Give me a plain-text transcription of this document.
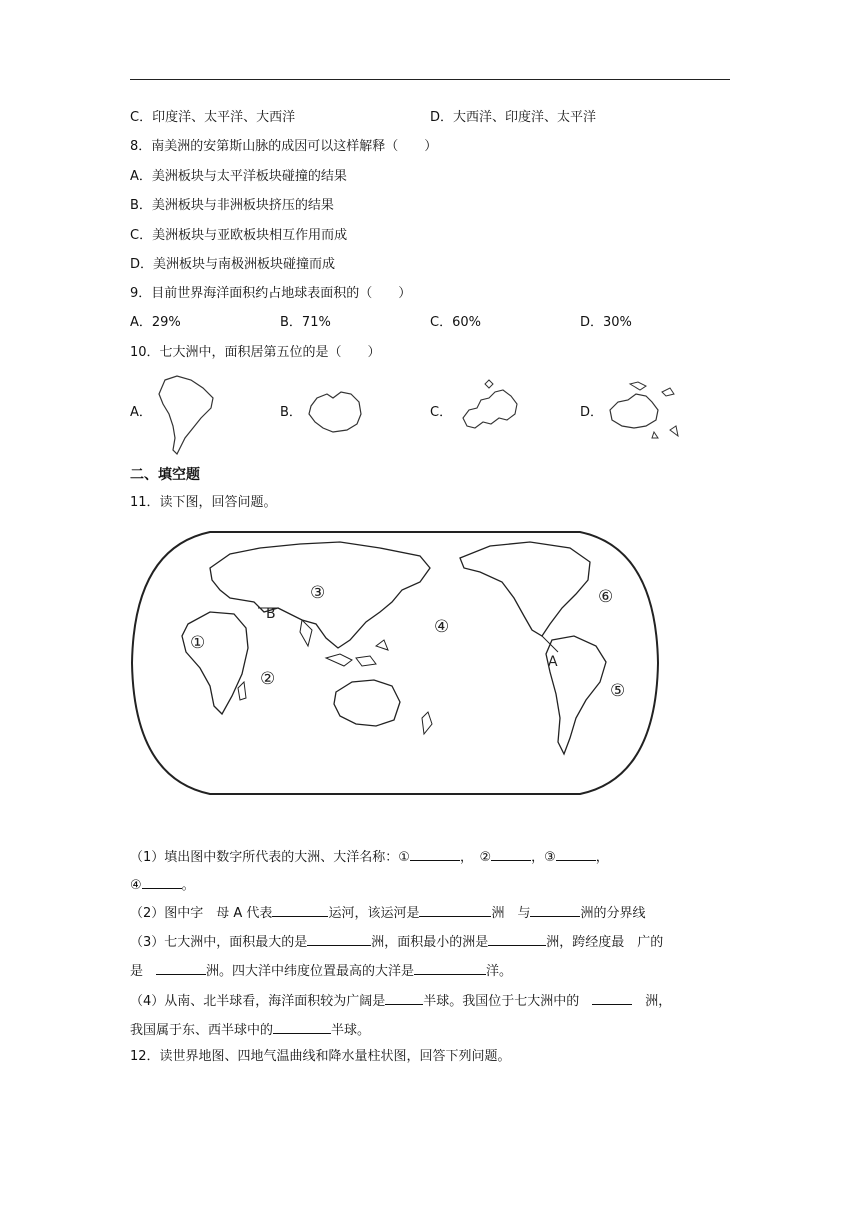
C．印度洋、太平洋、大西洋	D．大西洋、印度洋、太平洋
8．南美洲的安第斯山脉的成因可以这样解释（　　）
A．美洲板块与太平洋板块碰撞的结果
B．美洲板块与非洲板块挤压的结果
C．美洲板块与亚欧板块相互作用而成
D．美洲板块与南极洲板块碰撞而成
9．目前世界海洋面积约占地球表面积的（　　）
A．29%	B．71%	C．60%	D．30%
10．七大洲中，面积居第五位的是（　　）
A．	B．	C．	D．
二、填空题
11．读下图，回答问题。
①
②
③
④
⑤
⑥
A
B
（1）填出图中数字所代表的大洲、大洋名称：①	，　②	，③	，
④	。
（2）图中字　母 A 代表	运河，该运河是	洲　与	洲的分界线
（3）七大洲中，面积最大的是	洲，面积最小的洲是	洲，跨经度最　广的
是　	洲。四大洋中纬度位置最高的大洋是	洋。
（4）从南、北半球看，海洋面积较为广阔是	半球。我国位于七大洲中的　	　洲，
我国属于东、西半球中的	半球。
12．读世界地图、四地气温曲线和降水量柱状图，回答下列问题。
